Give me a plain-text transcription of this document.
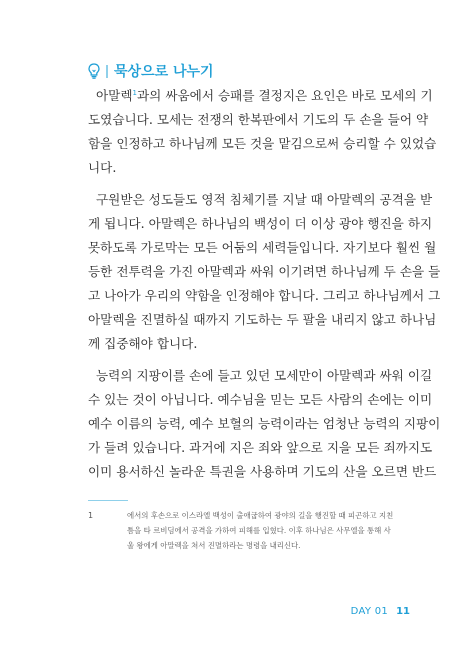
묵상으로 나누기
아말렉$^1$과의 싸움에서 승패를 결정지은 요인은 바로 모세의 기
도였습니다. 모세는 전쟁의 한복판에서 기도의 두 손을 들어 약
함을 인정하고 하나님께 모든 것을 맡김으로써 승리할 수 있었습
니다.
구원받은 성도들도 영적 침체기를 지날 때 아말렉의 공격을 받
게 됩니다. 아말렉은 하나님의 백성이 더 이상 광야 행진을 하지
못하도록 가로막는 모든 어둠의 세력들입니다. 자기보다 훨씬 월
등한 전투력을 가진 아말렉과 싸워 이기려면 하나님께 두 손을 들
고 나아가 우리의 약함을 인정해야 합니다. 그리고 하나님께서 그
아말렉을 진멸하실 때까지 기도하는 두 팔을 내리지 않고 하나님
께 집중해야 합니다.
능력의 지팡이를 손에 들고 있던 모세만이 아말렉과 싸워 이길
수 있는 것이 아닙니다. 예수님을 믿는 모든 사람의 손에는 이미
예수 이름의 능력, 예수 보혈의 능력이라는 엄청난 능력의 지팡이
가 들려 있습니다. 과거에 지은 죄와 앞으로 지을 모든 죄까지도
이미 용서하신 놀라운 특권을 사용하며 기도의 산을 오르면 반드
1	에서의 후손으로 이스라엘 백성이 출애굽하여 광야의 길을 행진할 때 피곤하고 지친
틈을 타 르비딤에서 공격을 가하여 피해를 입혔다. 이후 하나님은 사무엘을 통해 사
울 왕에게 아말렉을 쳐서 진멸하라는 명령을 내리신다.
DAY 01 11
